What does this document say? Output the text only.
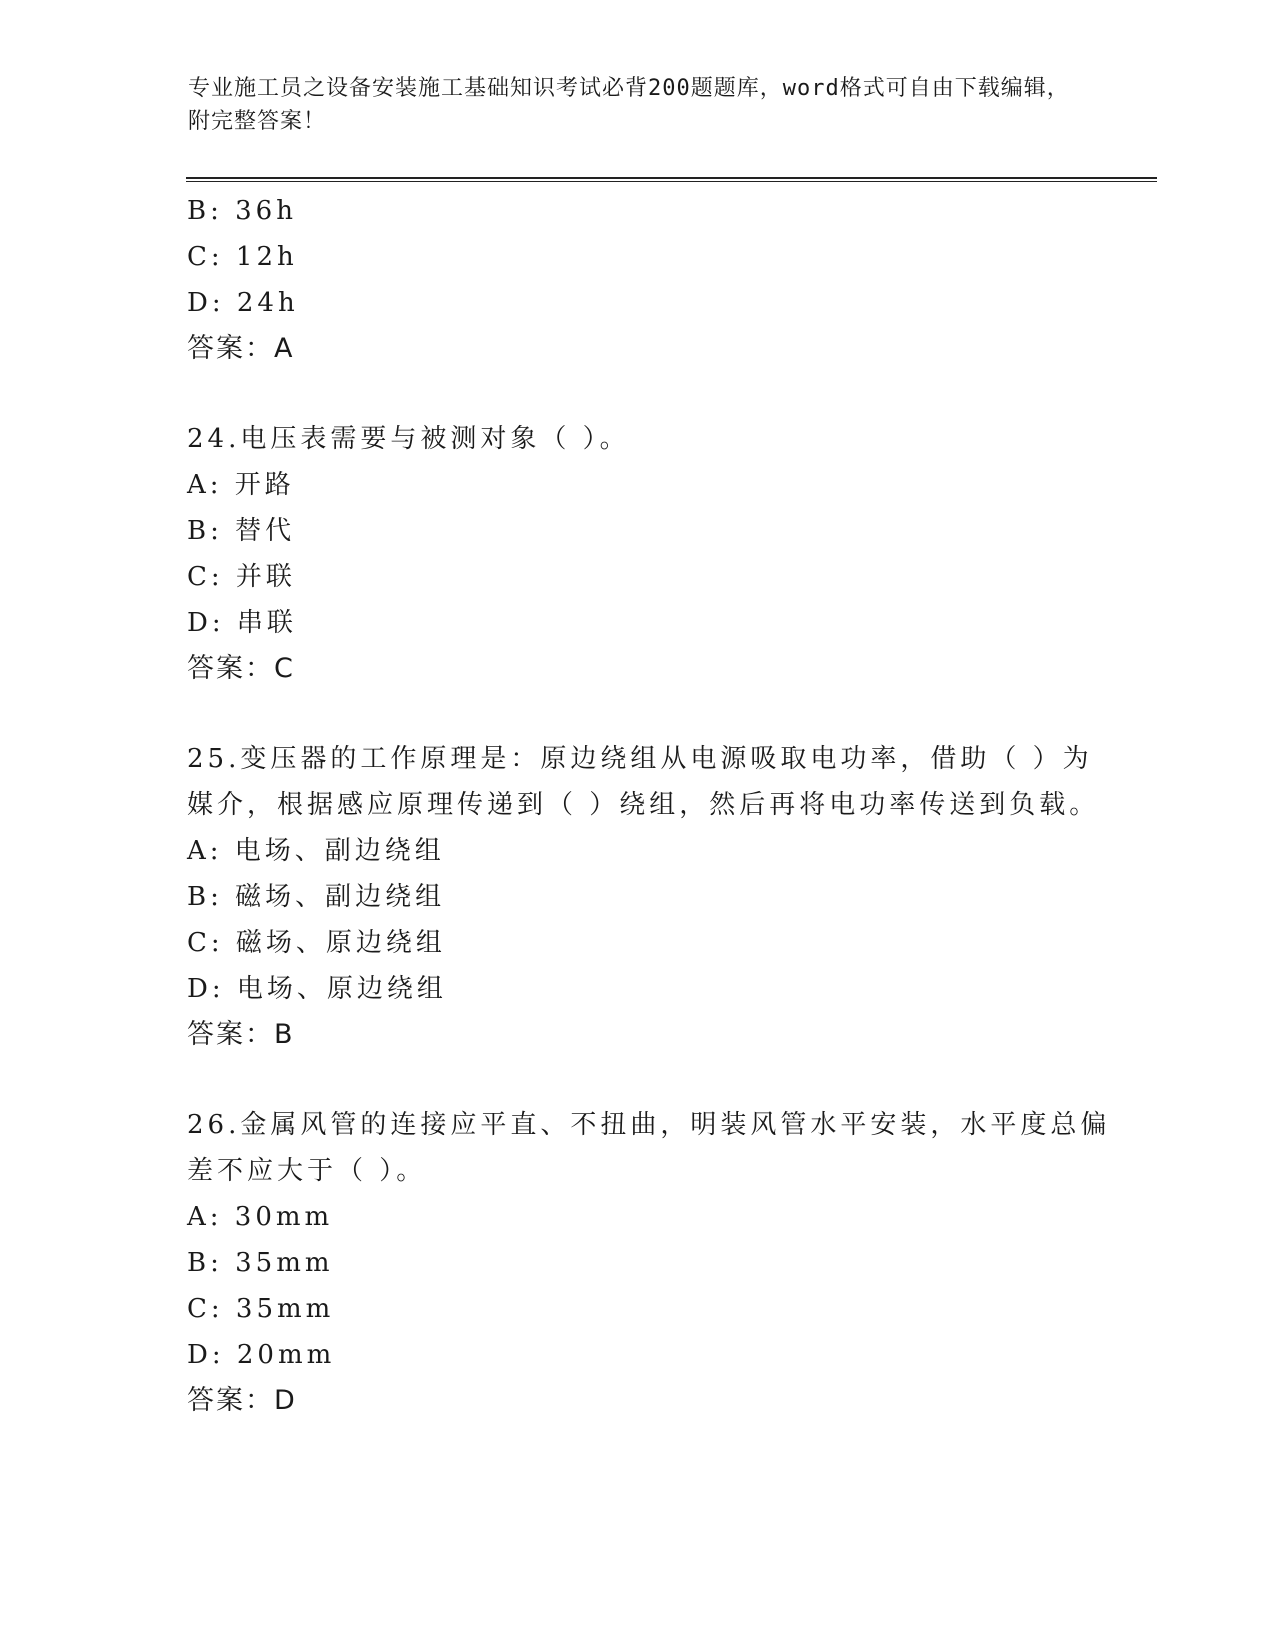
专业施工员之设备安装施工基础知识考试必背200题题库，word格式可自由下载编辑，附完整答案！
B: 36h
C: 12h
D: 24h
答案：A
24.电压表需要与被测对象（ ）。
A: 开路
B: 替代
C: 并联
D: 串联
答案：C
25.变压器的工作原理是：原边绕组从电源吸取电功率，借助（ ）为
媒介，根据感应原理传递到（ ）绕组，然后再将电功率传送到负载。
A: 电场、副边绕组
B: 磁场、副边绕组
C: 磁场、原边绕组
D: 电场、原边绕组
答案：B
26.金属风管的连接应平直、不扭曲，明装风管水平安装，水平度总偏
差不应大于（ ）。
A: 30mm
B: 35mm
C: 35mm
D: 20mm
答案：D
